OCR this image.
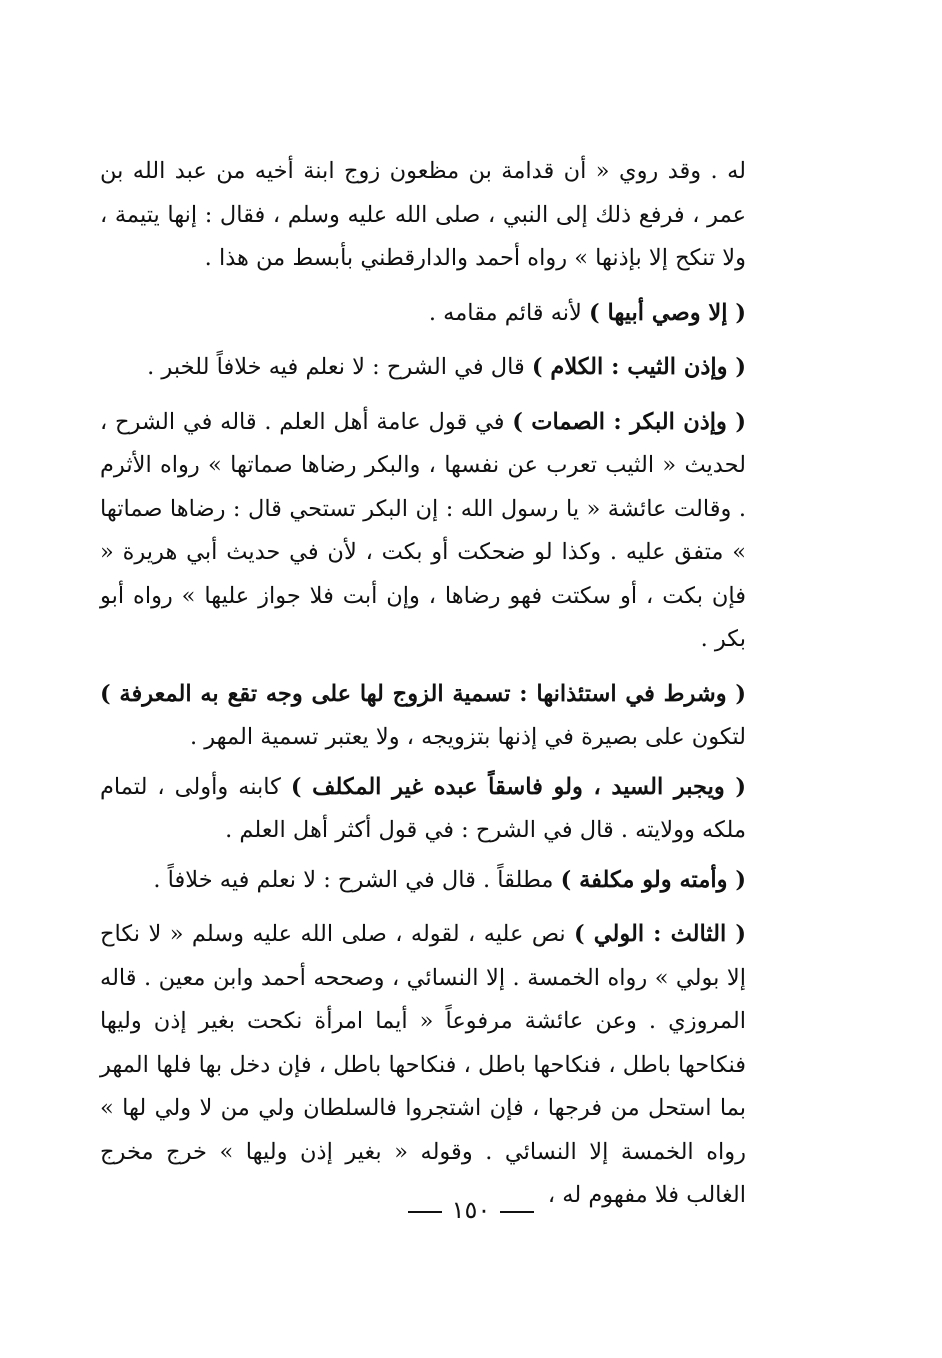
له . وقد روي « أن قدامة بن مظعون زوج ابنة أخيه من عبد الله بن عمر ، فرفع ذلك إلى النبي ، صلى الله عليه وسلم ، فقال : إنها يتيمة ، ولا تنكح إلا بإذنها » رواه أحمد والدارقطني بأبسط من هذا .

( إلا وصي أبيها ) لأنه قائم مقامه .

( وإذن الثيب : الكلام ) قال في الشرح : لا نعلم فيه خلافاً للخبر .

( وإذن البكر : الصمات ) في قول عامة أهل العلم . قاله في الشرح ، لحديث « الثيب تعرب عن نفسها ، والبكر رضاها صماتها » رواه الأثرم . وقالت عائشة « يا رسول الله : إن البكر تستحي قال : رضاها صماتها » متفق عليه . وكذا لو ضحكت أو بكت ، لأن في حديث أبي هريرة « فإن بكت ، أو سكتت فهو رضاها ، وإن أبت فلا جواز عليها » رواه أبو بكر .

( وشرط في استئذانها : تسمية الزوج لها على وجه تقع به المعرفة ) لتكون على بصيرة في إذنها بتزويجه ، ولا يعتبر تسمية المهر .

( ويجبر السيد ، ولو فاسقاً عبده غير المكلف ) كابنه وأولى ، لتمام ملكه وولايته . قال في الشرح : في قول أكثر أهل العلم .

( وأمته ولو مكلفة ) مطلقاً . قال في الشرح : لا نعلم فيه خلافاً .

( الثالث : الولي ) نص عليه ، لقوله ، صلى الله عليه وسلم « لا نكاح إلا بولي » رواه الخمسة . إلا النسائي ، وصححه أحمد وابن معين . قاله المروزي . وعن عائشة مرفوعاً « أيما امرأة نكحت بغير إذن وليها فنكاحها باطل ، فنكاحها باطل ، فنكاحها باطل ، فإن دخل بها فلها المهر بما استحل من فرجها ، فإن اشتجروا فالسلطان ولي من لا ولي لها » رواه الخمسة إلا النسائي . وقوله « بغير إذن وليها » خرج مخرج الغالب فلا مفهوم له ،

١٥٠
